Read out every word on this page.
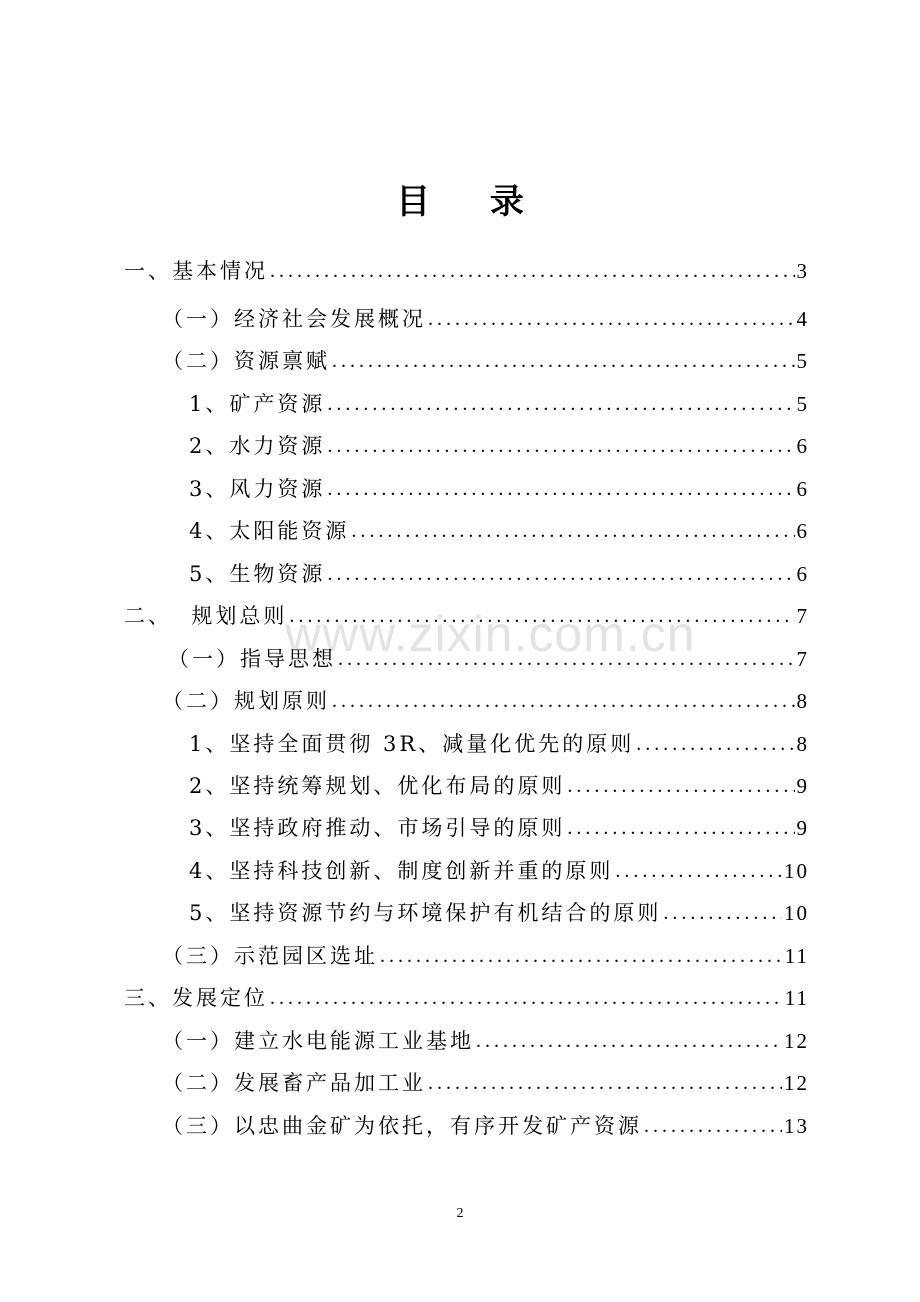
目 录
www.zixin.com.cn
一、基本情况 .....	3
（一）经济社会发展概况 .....	4
（二）资源禀赋 .....	5
1、矿产资源 .....	5
2、水力资源 .....	6
3、风力资源 .....	6
4、太阳能资源 .....	6
5、生物资源 .....	6
二、  规划总则 .....	7
（一）指导思想 .....	7
（二）规划原则 .....	8
1、坚持全面贯彻 3R、减量化优先的原则 .....	8
2、坚持统筹规划、优化布局的原则 .....	9
3、坚持政府推动、市场引导的原则 .....	9
4、坚持科技创新、制度创新并重的原则 .....	10
5、坚持资源节约与环境保护有机结合的原则 .....	10
（三）示范园区选址 .....	11
三、发展定位 .....	11
（一）建立水电能源工业基地 .....	12
（二）发展畜产品加工业 .....	12
（三）以忠曲金矿为依托，有序开发矿产资源 .....	13
2
